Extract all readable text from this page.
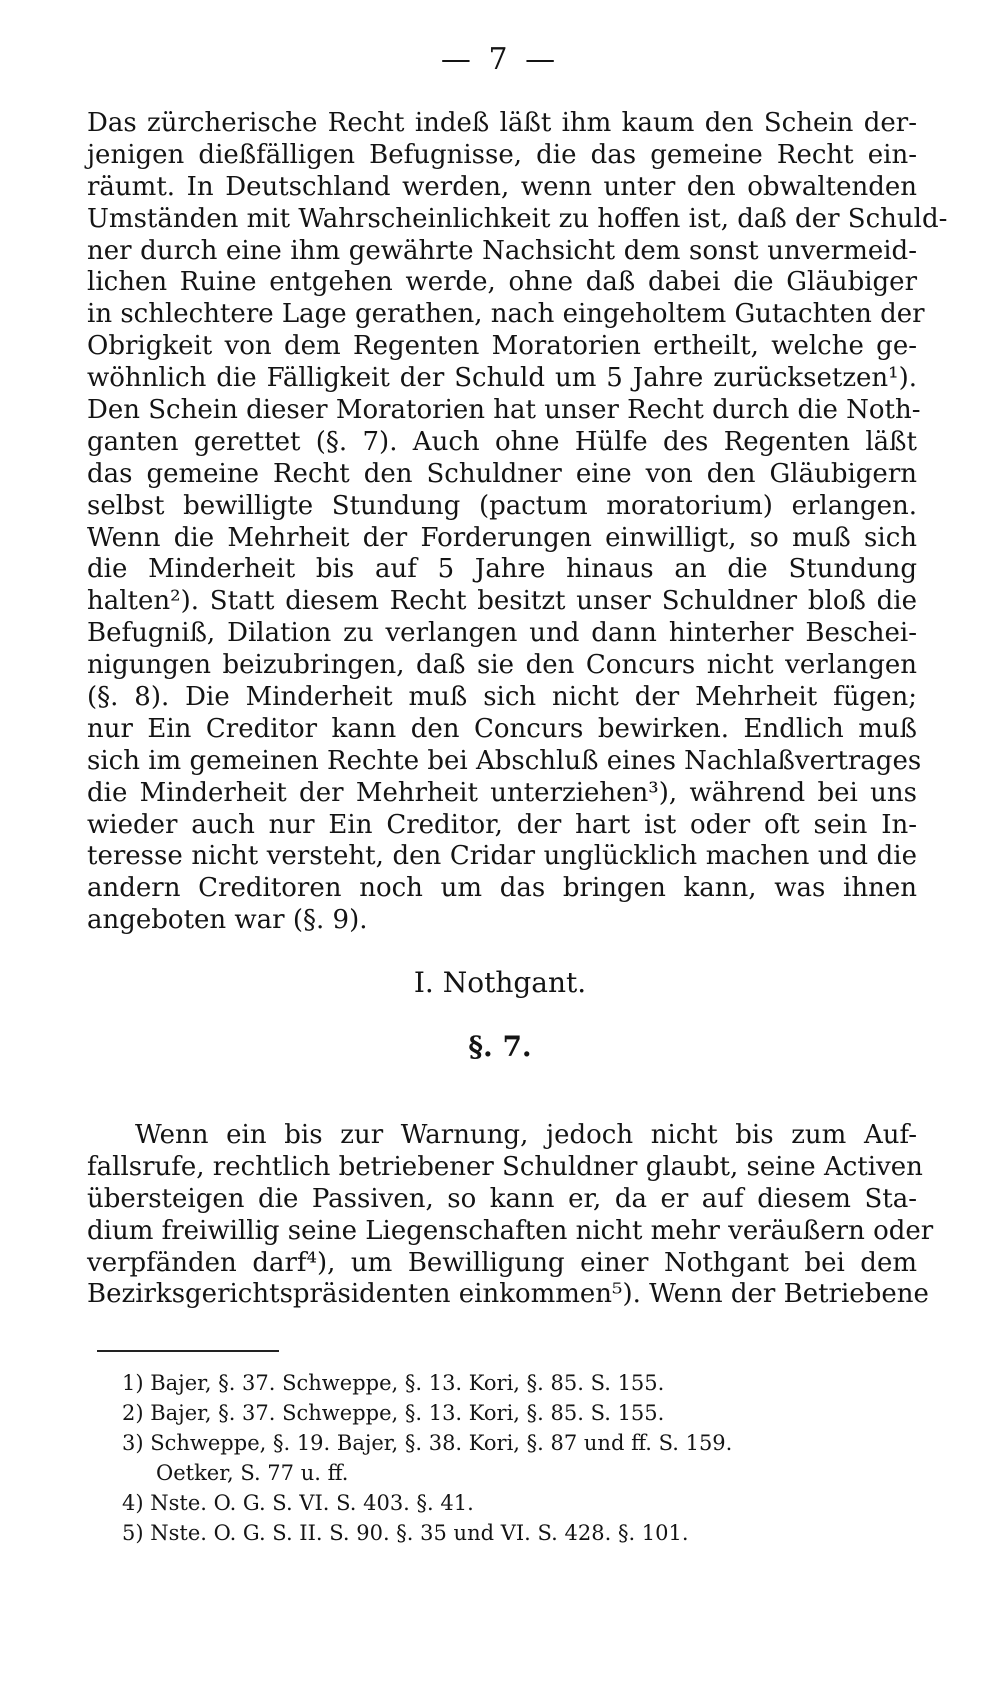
— 7 —
Das zürcherische Recht indeß läßt ihm kaum den Schein der-
jenigen dießfälligen Befugnisse, die das gemeine Recht ein-
räumt. In Deutschland werden, wenn unter den obwaltenden
Umständen mit Wahrscheinlichkeit zu hoffen ist, daß der Schuld-
ner durch eine ihm gewährte Nachsicht dem sonst unvermeid-
lichen Ruine entgehen werde, ohne daß dabei die Gläubiger
in schlechtere Lage gerathen, nach eingeholtem Gutachten der
Obrigkeit von dem Regenten Moratorien ertheilt, welche ge-
wöhnlich die Fälligkeit der Schuld um 5 Jahre zurücksetzen¹).
Den Schein dieser Moratorien hat unser Recht durch die Noth-
ganten gerettet (§. 7). Auch ohne Hülfe des Regenten läßt
das gemeine Recht den Schuldner eine von den Gläubigern
selbst bewilligte Stundung (pactum moratorium) erlangen.
Wenn die Mehrheit der Forderungen einwilligt, so muß sich
die Minderheit bis auf 5 Jahre hinaus an die Stundung
halten²). Statt diesem Recht besitzt unser Schuldner bloß die
Befugniß, Dilation zu verlangen und dann hinterher Beschei-
nigungen beizubringen, daß sie den Concurs nicht verlangen
(§. 8). Die Minderheit muß sich nicht der Mehrheit fügen;
nur Ein Creditor kann den Concurs bewirken. Endlich muß
sich im gemeinen Rechte bei Abschluß eines Nachlaßvertrages
die Minderheit der Mehrheit unterziehen³), während bei uns
wieder auch nur Ein Creditor, der hart ist oder oft sein In-
teresse nicht versteht, den Cridar unglücklich machen und die
andern Creditoren noch um das bringen kann, was ihnen
angeboten war (§. 9).
I. Nothgant.
§. 7.
Wenn ein bis zur Warnung, jedoch nicht bis zum Auf-
fallsrufe, rechtlich betriebener Schuldner glaubt, seine Activen
übersteigen die Passiven, so kann er, da er auf diesem Sta-
dium freiwillig seine Liegenschaften nicht mehr veräußern oder
verpfänden darf⁴), um Bewilligung einer Nothgant bei dem
Bezirksgerichtspräsidenten einkommen⁵). Wenn der Betriebene
1) Bajer, §. 37. Schweppe, §. 13. Kori, §. 85. S. 155.
2) Bajer, §. 37. Schweppe, §. 13. Kori, §. 85. S. 155.
3) Schweppe, §. 19. Bajer, §. 38. Kori, §. 87 und ff. S. 159.
Oetker, S. 77 u. ff.
4) Nste. O. G. S. VI. S. 403. §. 41.
5) Nste. O. G. S. II. S. 90. §. 35 und VI. S. 428. §. 101.
